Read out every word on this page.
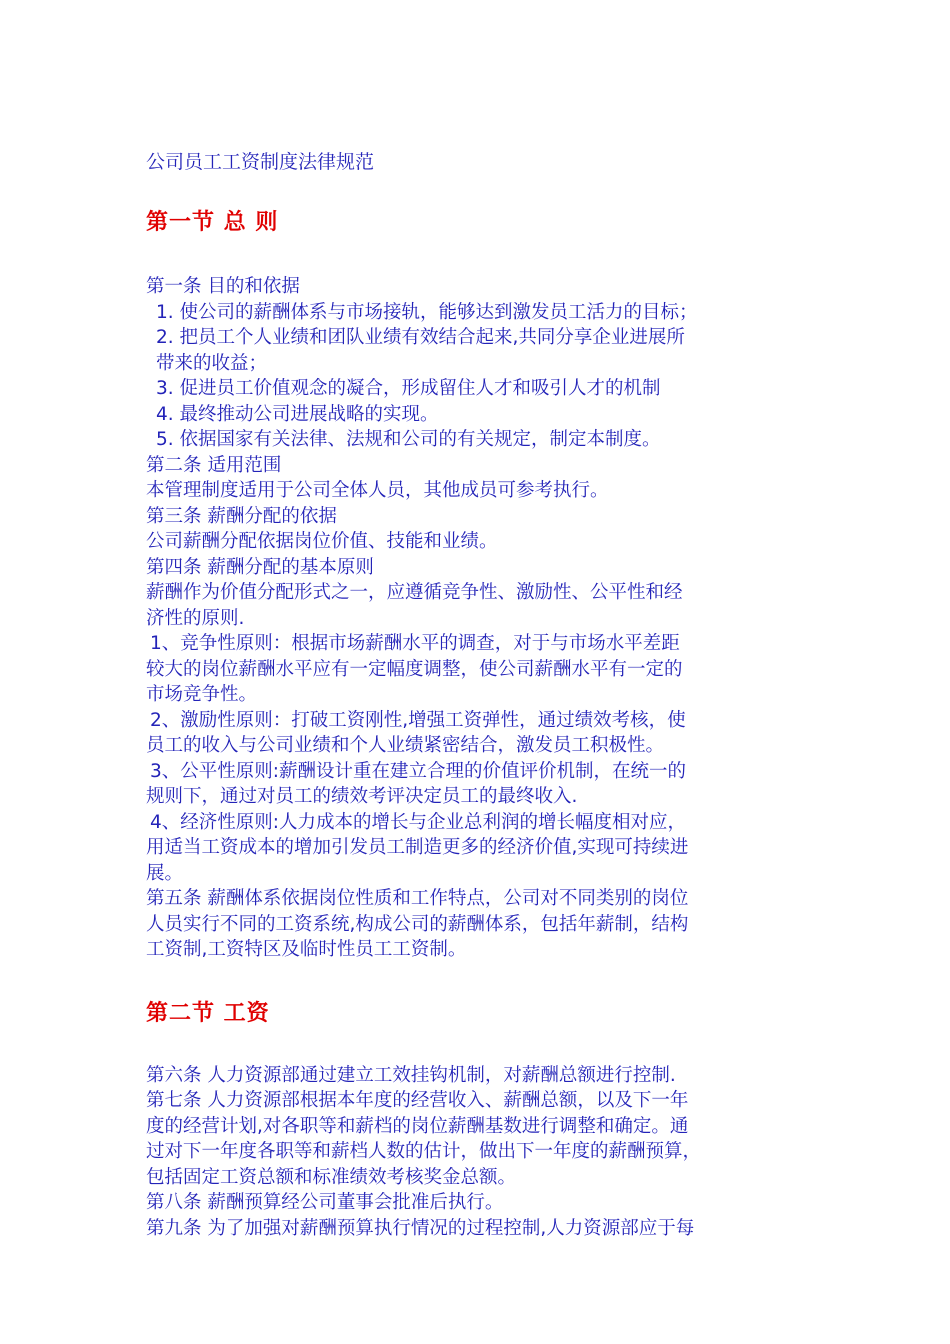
公司员工工资制度法律规范

第一节 总 则

第一条 目的和依据

1. 使公司的薪酬体系与市场接轨，能够达到激发员工活力的目标；

2. 把员工个人业绩和团队业绩有效结合起来,共同分享企业进展所

带来的收益；

3. 促进员工价值观念的凝合，形成留住人才和吸引人才的机制

4. 最终推动公司进展战略的实现。

5. 依据国家有关法律、法规和公司的有关规定，制定本制度。

第二条 适用范围

本管理制度适用于公司全体人员，其他成员可参考执行。

第三条 薪酬分配的依据

公司薪酬分配依据岗位价值、技能和业绩。

第四条 薪酬分配的基本原则

薪酬作为价值分配形式之一，应遵循竞争性、激励性、公平性和经

济性的原则.

1、竞争性原则：根据市场薪酬水平的调查，对于与市场水平差距

较大的岗位薪酬水平应有一定幅度调整，使公司薪酬水平有一定的

市场竞争性。

2、激励性原则：打破工资刚性,增强工资弹性，通过绩效考核，使

员工的收入与公司业绩和个人业绩紧密结合，激发员工积极性。

3、公平性原则:薪酬设计重在建立合理的价值评价机制，在统一的

规则下，通过对员工的绩效考评决定员工的最终收入.

4、经济性原则:人力成本的增长与企业总利润的增长幅度相对应，

用适当工资成本的增加引发员工制造更多的经济价值,实现可持续进

展。

第五条 薪酬体系依据岗位性质和工作特点，公司对不同类别的岗位

人员实行不同的工资系统,构成公司的薪酬体系，包括年薪制，结构

工资制,工资特区及临时性员工工资制。

第二节 工资

第六条 人力资源部通过建立工效挂钩机制，对薪酬总额进行控制.

第七条 人力资源部根据本年度的经营收入、薪酬总额，以及下一年

度的经营计划,对各职等和薪档的岗位薪酬基数进行调整和确定。通

过对下一年度各职等和薪档人数的估计，做出下一年度的薪酬预算，

包括固定工资总额和标准绩效考核奖金总额。

第八条 薪酬预算经公司董事会批准后执行。

第九条 为了加强对薪酬预算执行情况的过程控制,人力资源部应于每
